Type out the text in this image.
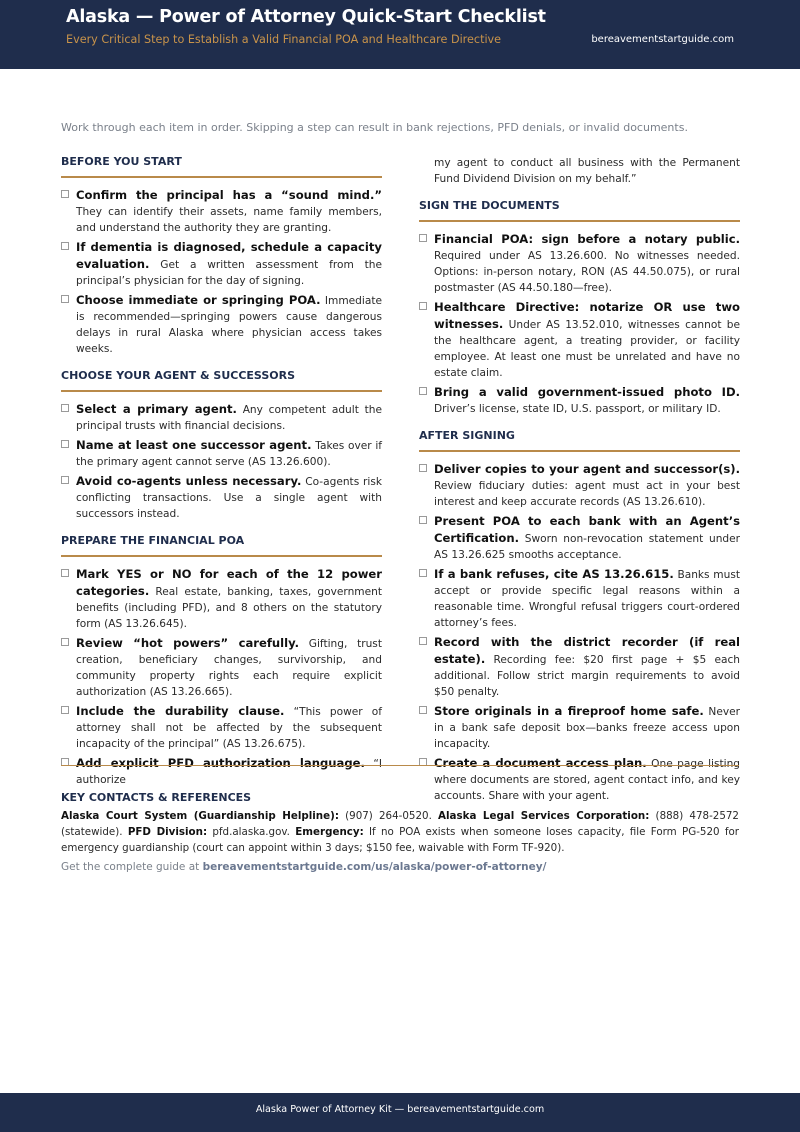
Alaska — Power of Attorney Quick-Start Checklist
Every Critical Step to Establish a Valid Financial POA and Healthcare Directive	bereavementstartguide.com
Work through each item in order. Skipping a step can result in bank rejections, PFD denials, or invalid documents.
BEFORE YOU START
Confirm the principal has a “sound mind.” They can identify their assets, name family members, and understand the authority they are granting.
If dementia is diagnosed, schedule a capacity evaluation. Get a written assessment from the principal’s physician for the day of signing.
Choose immediate or springing POA. Immediate is recommended—springing powers cause dangerous delays in rural Alaska where physician access takes weeks.
CHOOSE YOUR AGENT & SUCCESSORS
Select a primary agent. Any competent adult the principal trusts with financial decisions.
Name at least one successor agent. Takes over if the primary agent cannot serve (AS 13.26.600).
Avoid co-agents unless necessary. Co-agents risk conflicting transactions. Use a single agent with successors instead.
PREPARE THE FINANCIAL POA
Mark YES or NO for each of the 12 power categories. Real estate, banking, taxes, government benefits (including PFD), and 8 others on the statutory form (AS 13.26.645).
Review “hot powers” carefully. Gifting, trust creation, beneficiary changes, survivorship, and community property rights each require explicit authorization (AS 13.26.665).
Include the durability clause. “This power of attorney shall not be affected by the subsequent incapacity of the principal” (AS 13.26.675).
Add explicit PFD authorization language. “I authorize
my agent to conduct all business with the Permanent Fund Dividend Division on my behalf.”
SIGN THE DOCUMENTS
Financial POA: sign before a notary public. Required under AS 13.26.600. No witnesses needed. Options: in-person notary, RON (AS 44.50.075), or rural postmaster (AS 44.50.180—free).
Healthcare Directive: notarize OR use two witnesses. Under AS 13.52.010, witnesses cannot be the healthcare agent, a treating provider, or facility employee. At least one must be unrelated and have no estate claim.
Bring a valid government-issued photo ID. Driver’s license, state ID, U.S. passport, or military ID.
AFTER SIGNING
Deliver copies to your agent and successor(s). Review fiduciary duties: agent must act in your best interest and keep accurate records (AS 13.26.610).
Present POA to each bank with an Agent’s Certification. Sworn non-revocation statement under AS 13.26.625 smooths acceptance.
If a bank refuses, cite AS 13.26.615. Banks must accept or provide specific legal reasons within a reasonable time. Wrongful refusal triggers court-ordered attorney’s fees.
Record with the district recorder (if real estate). Recording fee: $20 first page + $5 each additional. Follow strict margin requirements to avoid $50 penalty.
Store originals in a fireproof home safe. Never in a bank safe deposit box—banks freeze access upon incapacity.
Create a document access plan. One page listing where documents are stored, agent contact info, and key accounts. Share with your agent.
KEY CONTACTS & REFERENCES
Alaska Court System (Guardianship Helpline): (907) 264-0520. Alaska Legal Services Corporation: (888) 478-2572 (statewide). PFD Division: pfd.alaska.gov. Emergency: If no POA exists when someone loses capacity, file Form PG-520 for emergency guardianship (court can appoint within 3 days; $150 fee, waivable with Form TF-920).
Get the complete guide at bereavementstartguide.com/us/alaska/power-of-attorney/
Alaska Power of Attorney Kit — bereavementstartguide.com
